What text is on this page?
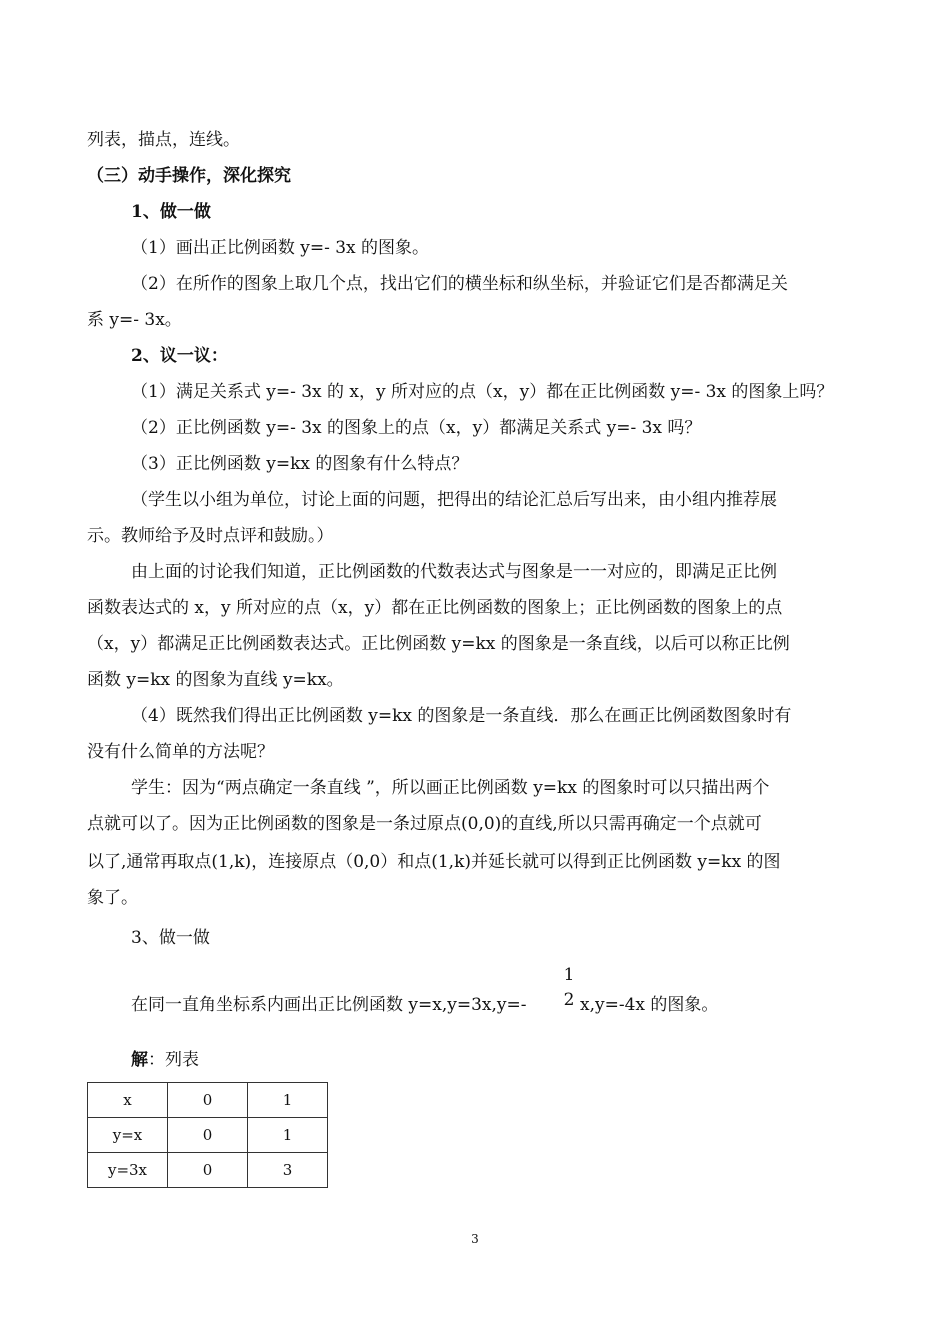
列表，描点，连线。
（三）动手操作，深化探究
1、做一做
（1）画出正比例函数 y=- 3x 的图象。
（2）在所作的图象上取几个点，找出它们的横坐标和纵坐标，并验证它们是否都满足关
系 y=- 3x。
2、议一议：
（1）满足关系式 y=- 3x 的 x，y 所对应的点（x，y）都在正比例函数 y=- 3x 的图象上吗？
（2）正比例函数 y=- 3x 的图象上的点（x，y）都满足关系式 y=- 3x 吗？
（3）正比例函数 y=kx 的图象有什么特点？
（学生以小组为单位，讨论上面的问题，把得出的结论汇总后写出来，由小组内推荐展
示。教师给予及时点评和鼓励。）
由上面的讨论我们知道，正比例函数的代数表达式与图象是一一对应的，即满足正比例
函数表达式的 x，y 所对应的点（x，y）都在正比例函数的图象上；正比例函数的图象上的点
（x，y）都满足正比例函数表达式。正比例函数 y=kx 的图象是一条直线，以后可以称正比例
函数 y=kx 的图象为直线 y=kx。
（4）既然我们得出正比例函数 y=kx 的图象是一条直线．那么在画正比例函数图象时有
没有什么简单的方法呢？
学生：因为“两点确定一条直线 ”，所以画正比例函数 y=kx 的图象时可以只描出两个
点就可以了。因为正比例函数的图象是一条过原点(0,0)的直线,所以只需再确定一个点就可
以了,通常再取点(1,k)，连接原点（0,0）和点(1,k)并延长就可以得到正比例函数 y=kx 的图
象了。
3、做一做
在同一直角坐标系内画出正比例函数 y=x,y=3x,y=-
1
2 x,y=-4x 的图象。
解：列表
x	0	1
y=x	0	1
y=3x	0	3
3
